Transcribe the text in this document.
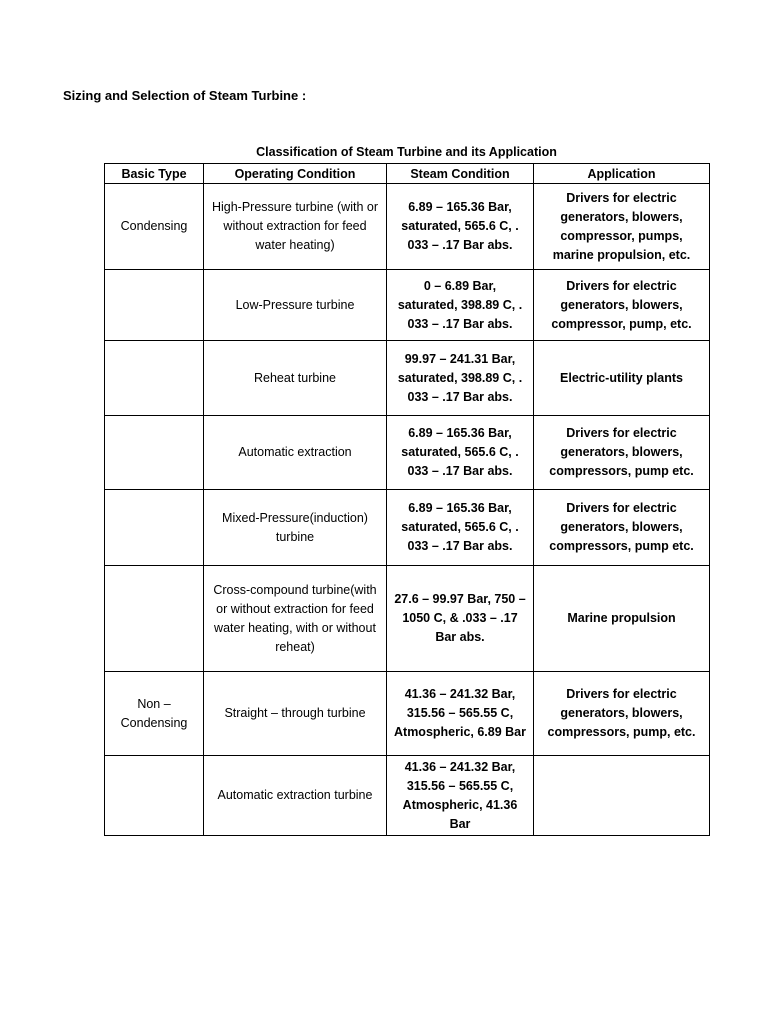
Sizing and Selection of Steam Turbine :
Classification of Steam Turbine and its Application
Basic Type	Operating Condition	Steam Condition	Application
Condensing	High-Pressure turbine (with or without extraction for feed water heating)	6.89 – 165.36 Bar, saturated, 565.6 C, . 033 – .17 Bar abs.	Drivers for electric generators, blowers, compressor, pumps, marine propulsion, etc.
	Low-Pressure turbine	0 – 6.89 Bar, saturated, 398.89 C, . 033 – .17 Bar abs.	Drivers for electric generators, blowers, compressor, pump, etc.
	Reheat turbine	99.97 – 241.31 Bar, saturated, 398.89 C, . 033 – .17 Bar abs.	Electric-utility plants
	Automatic extraction	6.89 – 165.36 Bar, saturated, 565.6 C, . 033 – .17 Bar abs.	Drivers for electric generators, blowers, compressors, pump etc.
	Mixed-Pressure(induction) turbine	6.89 – 165.36 Bar, saturated, 565.6 C, . 033 – .17 Bar abs.	Drivers for electric generators, blowers, compressors, pump etc.
	Cross-compound turbine(with or without extraction for feed water heating, with or without reheat)	27.6 – 99.97 Bar, 750 – 1050 C, & .033 – .17 Bar abs.	Marine propulsion
Non – Condensing	Straight – through turbine	41.36 – 241.32 Bar, 315.56 – 565.55 C, Atmospheric, 6.89 Bar	Drivers for electric generators, blowers, compressors, pump, etc.
	Automatic extraction turbine	41.36 – 241.32 Bar, 315.56 – 565.55 C, Atmospheric, 41.36 Bar	
